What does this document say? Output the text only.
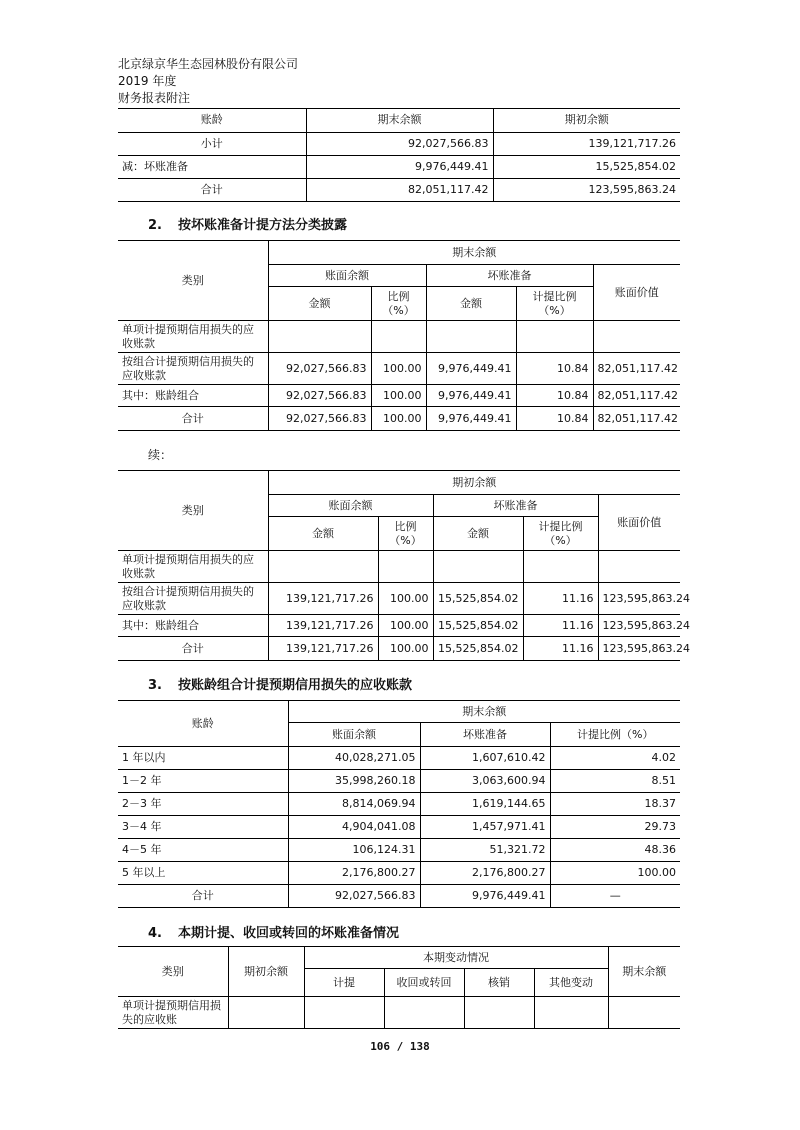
北京绿京华生态园林股份有限公司
2019 年度
财务报表附注
账龄	期末余额	期初余额
小计	92,027,566.83	139,121,717.26
减：坏账准备	9,976,449.41	15,525,854.02
合计	82,051,117.42	123,595,863.24
2. 按坏账准备计提方法分类披露
类别	期末余额				
	账面余额		坏账准备		账面价值
	金额	比例（%）	金额	计提比例（%）	
单项计提预期信用损失的应收账款					
按组合计提预期信用损失的应收账款	92,027,566.83	100.00	9,976,449.41	10.84	82,051,117.42
其中：账龄组合	92,027,566.83	100.00	9,976,449.41	10.84	82,051,117.42
合计	92,027,566.83	100.00	9,976,449.41	10.84	82,051,117.42
续：
类别	期初余额				
	账面余额		坏账准备		账面价值
	金额	比例（%）	金额	计提比例（%）	
单项计提预期信用损失的应收账款					
按组合计提预期信用损失的应收账款	139,121,717.26	100.00	15,525,854.02	11.16	123,595,863.24
其中：账龄组合	139,121,717.26	100.00	15,525,854.02	11.16	123,595,863.24
合计	139,121,717.26	100.00	15,525,854.02	11.16	123,595,863.24
3. 按账龄组合计提预期信用损失的应收账款
账龄	期末余额		
	账面余额	坏账准备	计提比例（%）
1 年以内	40,028,271.05	1,607,610.42	4.02
1－2 年	35,998,260.18	3,063,600.94	8.51
2－3 年	8,814,069.94	1,619,144.65	18.37
3－4 年	4,904,041.08	1,457,971.41	29.73
4－5 年	106,124.31	51,321.72	48.36
5 年以上	2,176,800.27	2,176,800.27	100.00
合计	92,027,566.83	9,976,449.41	—
4. 本期计提、收回或转回的坏账准备情况
类别	期初余额	本期变动情况				期末余额
		计提	收回或转回	核销	其他变动	
单项计提预期信用损失的应收账						
106 / 138
